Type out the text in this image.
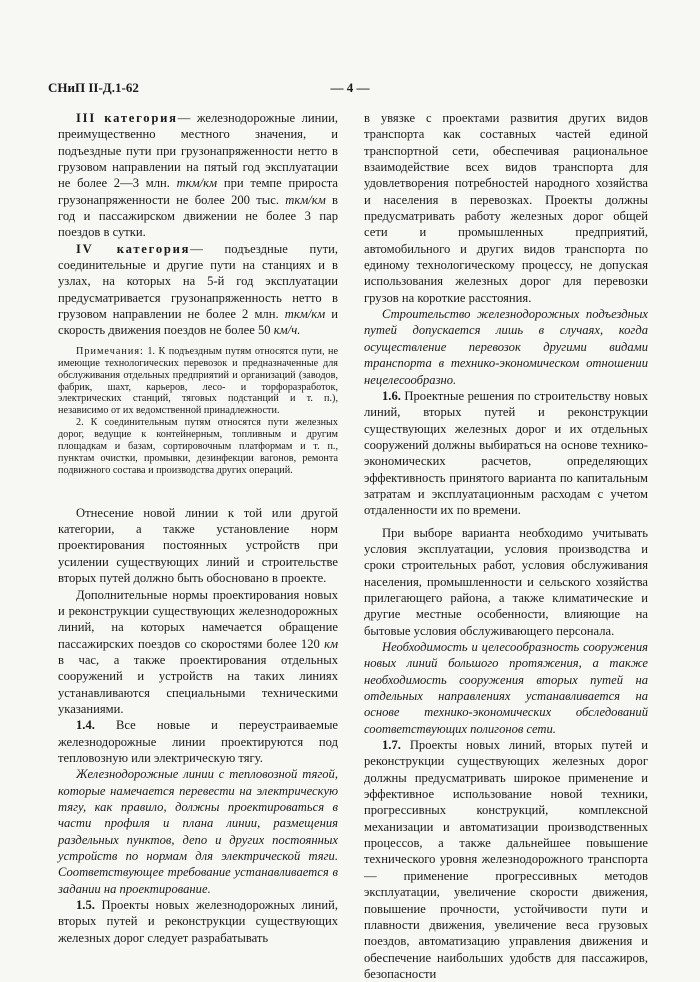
СНиП II-Д.1-62	— 4 —

III категория— железнодорожные линии, преимущественно местного значения, и подъездные пути при грузонапряженности нетто в грузовом направлении на пятый год эксплуатации не более 2—3 млн. ткм/км при темпе прироста грузонапряженности не более 200 тыс. ткм/км в год и пассажирском движении не более 3 пар поездов в сутки.

IV категория— подъездные пути, соединительные и другие пути на станциях и в узлах, на которых на 5-й год эксплуатации предусматривается грузонапряженность нетто в грузовом направлении не более 2 млн. ткм/км и скорость движения поездов не более 50 км/ч.

Примечания: 1. К подъездным путям относятся пути, не имеющие технологических перевозок и предназначенные для обслуживания отдельных предприятий и организаций (заводов, фабрик, шахт, карьеров, лесо- и торфоразработок, электрических станций, тяговых подстанций и т. п.), независимо от их ведомственной принадлежности.

2. К соединительным путям относятся пути железных дорог, ведущие к контейнерным, топливным и другим площадкам и базам, сортировочным платформам и т. п., пунктам очистки, промывки, дезинфекции вагонов, ремонта подвижного состава и производства других операций.

Отнесение новой линии к той или другой категории, а также установление норм проектирования постоянных устройств при усилении существующих линий и строительстве вторых путей должно быть обосновано в проекте.

Дополнительные нормы проектирования новых и реконструкции существующих железнодорожных линий, на которых намечается обращение пассажирских поездов со скоростями более 120 км в час, а также проектирования отдельных сооружений и устройств на таких линиях устанавливаются специальными техническими указаниями.

1.4. Все новые и переустраиваемые железнодорожные линии проектируются под тепловозную или электрическую тягу.

Железнодорожные линии с тепловозной тягой, которые намечается перевести на электрическую тягу, как правило, должны проектироваться в части профиля и плана линии, размещения раздельных пунктов, депо и других постоянных устройств по нормам для электрической тяги. Соответствующее требование устанавливается в задании на проектирование.

1.5. Проекты новых железнодорожных линий, вторых путей и реконструкции существующих железных дорог следует разрабатывать

в увязке с проектами развития других видов транспорта как составных частей единой транспортной сети, обеспечивая рациональное взаимодействие всех видов транспорта для удовлетворения потребностей народного хозяйства и населения в перевозках. Проекты должны предусматривать работу железных дорог общей сети и промышленных предприятий, автомобильного и других видов транспорта по единому технологическому процессу, не допуская использования железных дорог для перевозки грузов на короткие расстояния.

Строительство железнодорожных подъездных путей допускается лишь в случаях, когда осуществление перевозок другими видами транспорта в технико-экономическом отношении нецелесообразно.

1.6. Проектные решения по строительству новых линий, вторых путей и реконструкции существующих железных дорог и их отдельных сооружений должны выбираться на основе технико-экономических расчетов, определяющих эффективность принятого варианта по капитальным затратам и эксплуатационным расходам с учетом отдаленности их по времени.

При выборе варианта необходимо учитывать условия эксплуатации, условия производства и сроки строительных работ, условия обслуживания населения, промышленности и сельского хозяйства прилегающего района, а также климатические и другие местные особенности, влияющие на бытовые условия обслуживающего персонала.

Необходимость и целесообразность сооружения новых линий большого протяжения, а также необходимость сооружения вторых путей на отдельных направлениях устанавливается на основе технико-экономических обследований соответствующих полигонов сети.

1.7. Проекты новых линий, вторых путей и реконструкции существующих железных дорог должны предусматривать широкое применение и эффективное использование новой техники, прогрессивных конструкций, комплексной механизации и автоматизации производственных процессов, а также дальнейшее повышение технического уровня железнодорожного транспорта — применение прогрессивных методов эксплуатации, увеличение скорости движения, повышение прочности, устойчивости пути и плавности движения, увеличение веса грузовых поездов, автоматизацию управления движения и обеспечение наибольших удобств для пассажиров, безопасности
